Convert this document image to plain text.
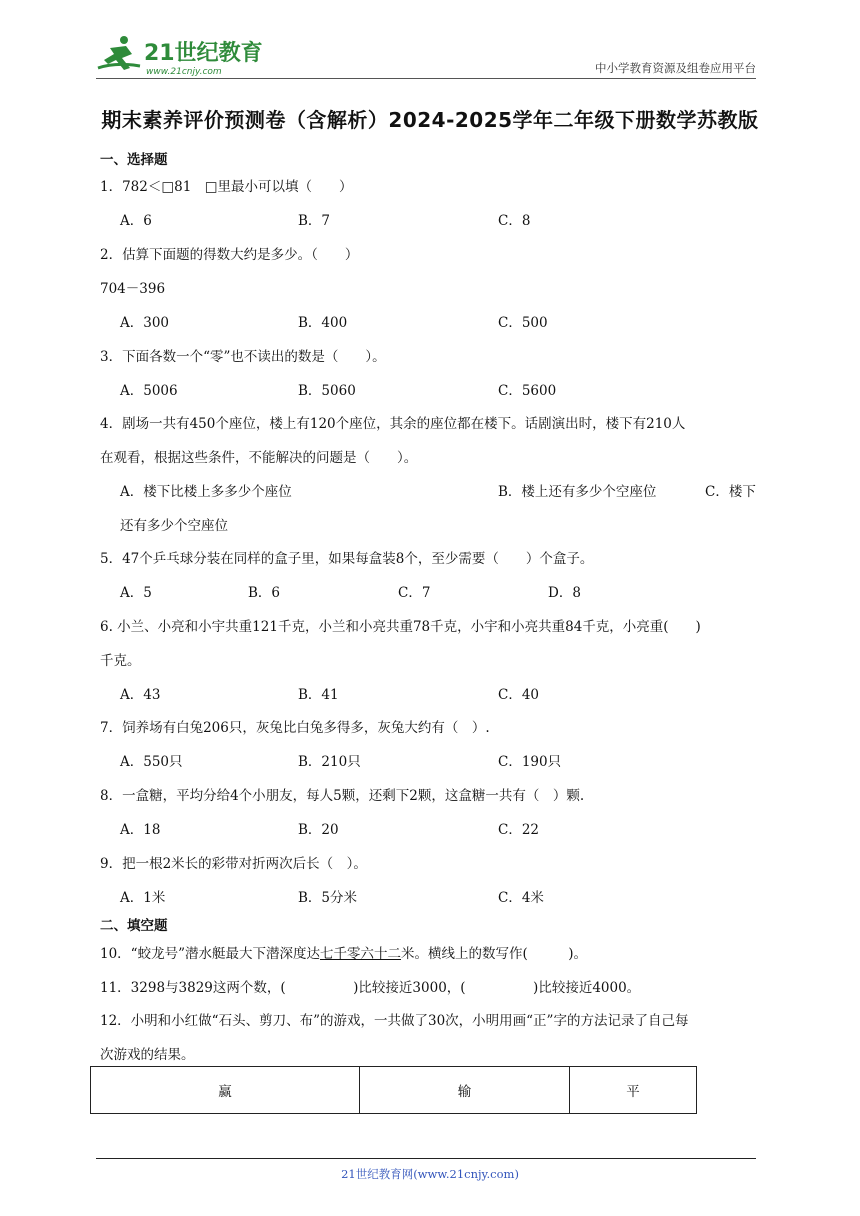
21世纪教育
www.21cnjy.com	中小学教育资源及组卷应用平台
期末素养评价预测卷（含解析）2024-2025学年二年级下册数学苏教版
一、选择题
1．782＜□81　□里最小可以填（　　）
A．6	B．7	C．8
2．估算下面题的得数大约是多少。（　　）
704－396
A．300	B．400	C．500
3．下面各数一个“零”也不读出的数是（　　）。
A．5006	B．5060	C．5600
4．剧场一共有450个座位，楼上有120个座位，其余的座位都在楼下。话剧演出时，楼下有210人
在观看，根据这些条件，不能解决的问题是（　　）。
A．楼下比楼上多多少个座位	B．楼上还有多少个空座位	C．楼下
还有多少个空座位
5．47个乒乓球分装在同样的盒子里，如果每盒装8个，至少需要（　　）个盒子。
A．5	B．6	C．7	D．8
6. 小兰、小亮和小宇共重121千克，小兰和小亮共重78千克，小宇和小亮共重84千克，小亮重(　　)
千克。
A．43	B．41	C．40
7．饲养场有白兔206只，灰兔比白兔多得多，灰兔大约有（　）.
A．550只	B．210只	C．190只
8．一盒糖，平均分给4个小朋友，每人5颗，还剩下2颗，这盒糖一共有（　）颗.
A．18	B．20	C．22
9．把一根2米长的彩带对折两次后长（　）。
A．1米	B．5分米	C．4米
二、填空题
10．“蛟龙号”潜水艇最大下潜深度达七千零六十二米。横线上的数写作(　　　)。
11．3298与3829这两个数，(　　　　　)比较接近3000，(　　　　　)比较接近4000。
12．小明和小红做“石头、剪刀、布”的游戏，一共做了30次，小明用画“正”字的方法记录了自己每
次游戏的结果。
赢	输	平
21世纪教育网(www.21cnjy.com)
